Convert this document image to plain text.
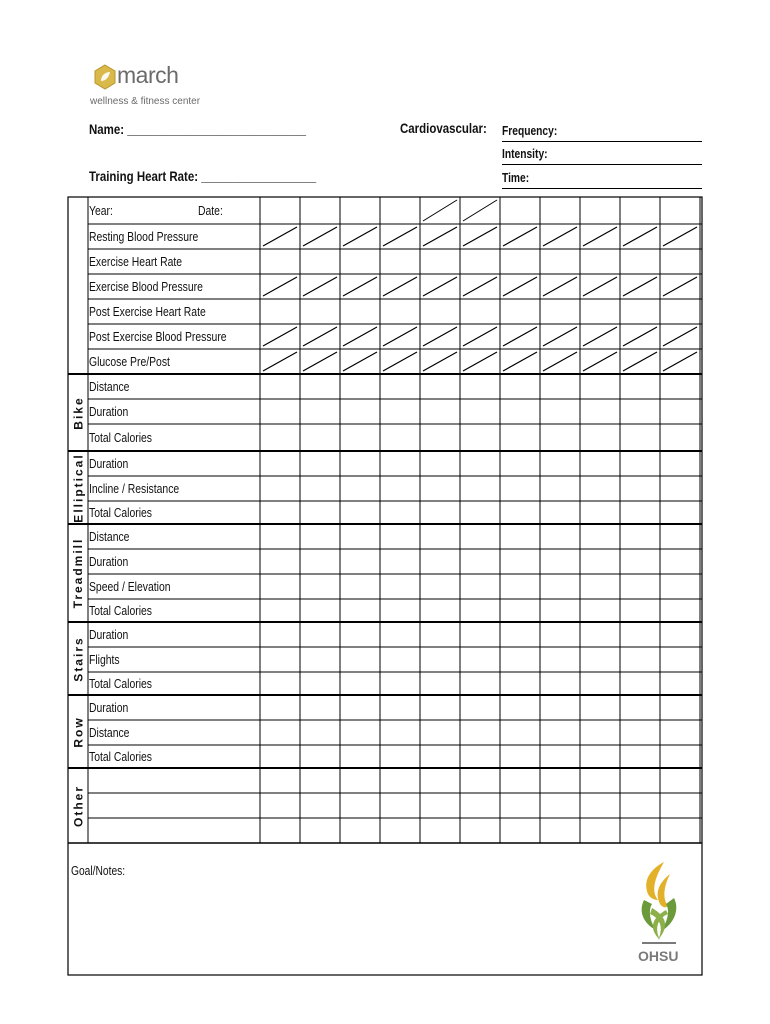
march
wellness & fitness center
Name: ____________________________
Training Heart Rate: __________________
Cardiovascular: Frequency:
Intensity:
Time:
Year:	Date:
Resting Blood Pressure
Exercise Heart Rate
Exercise Blood Pressure
Post Exercise Heart Rate
Post Exercise Blood Pressure
Glucose Pre/Post
Distance
Duration
Total Calories
Duration
Incline / Resistance
Total Calories
Distance
Duration
Speed / Elevation
Total Calories
Duration
Flights
Total Calories
Duration
Distance
Total Calories
Bike
Elliptical
Treadmill
Stairs
Row
Other
Goal/Notes:
OHSU
